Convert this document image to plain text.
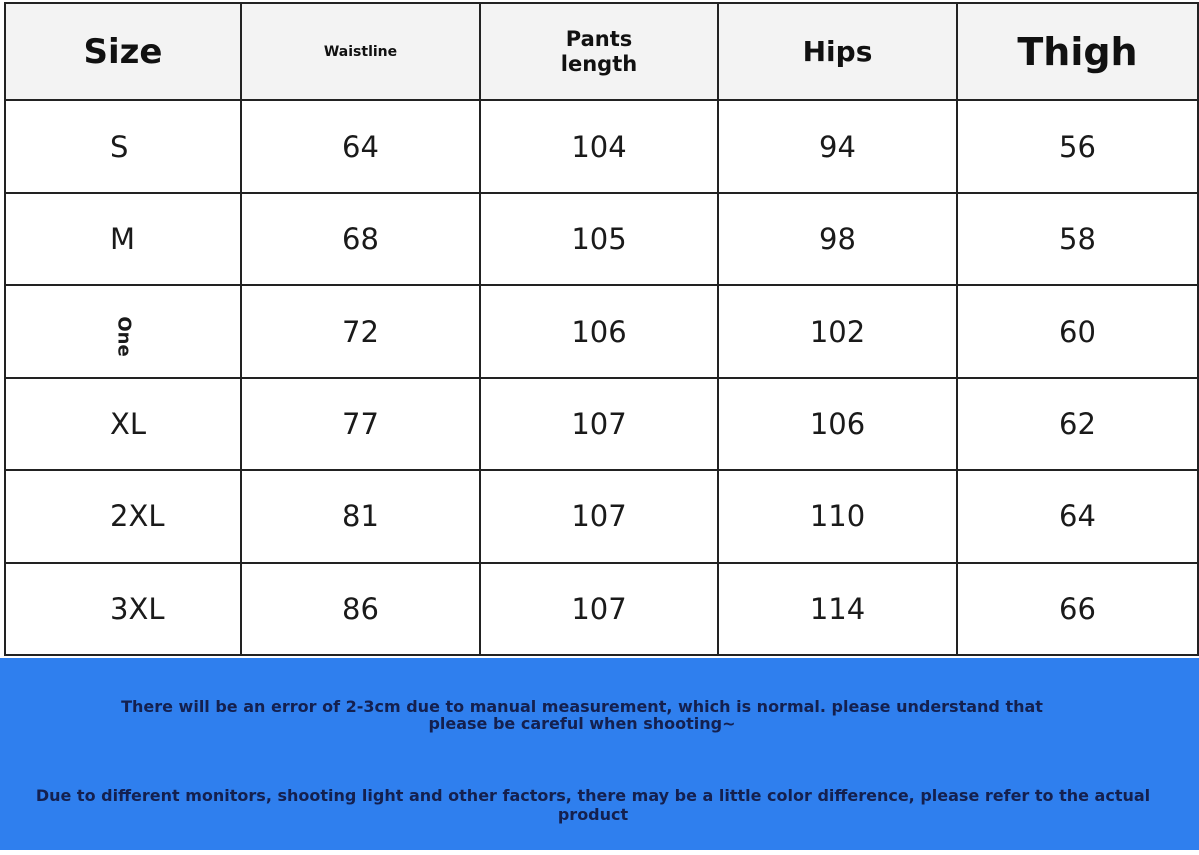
Size	Waistline	Pants length	Hips	Thigh
S	64	104	94	56
M	68	105	98	58
One	72	106	102	60
XL	77	107	106	62
2XL	81	107	110	64
3XL	86	107	114	66
There will be an error of 2-3cm due to manual measurement, which is normal. please understand that
please be careful when shooting~
Due to different monitors, shooting light and other factors, there may be a little color difference, please refer to the actual product
